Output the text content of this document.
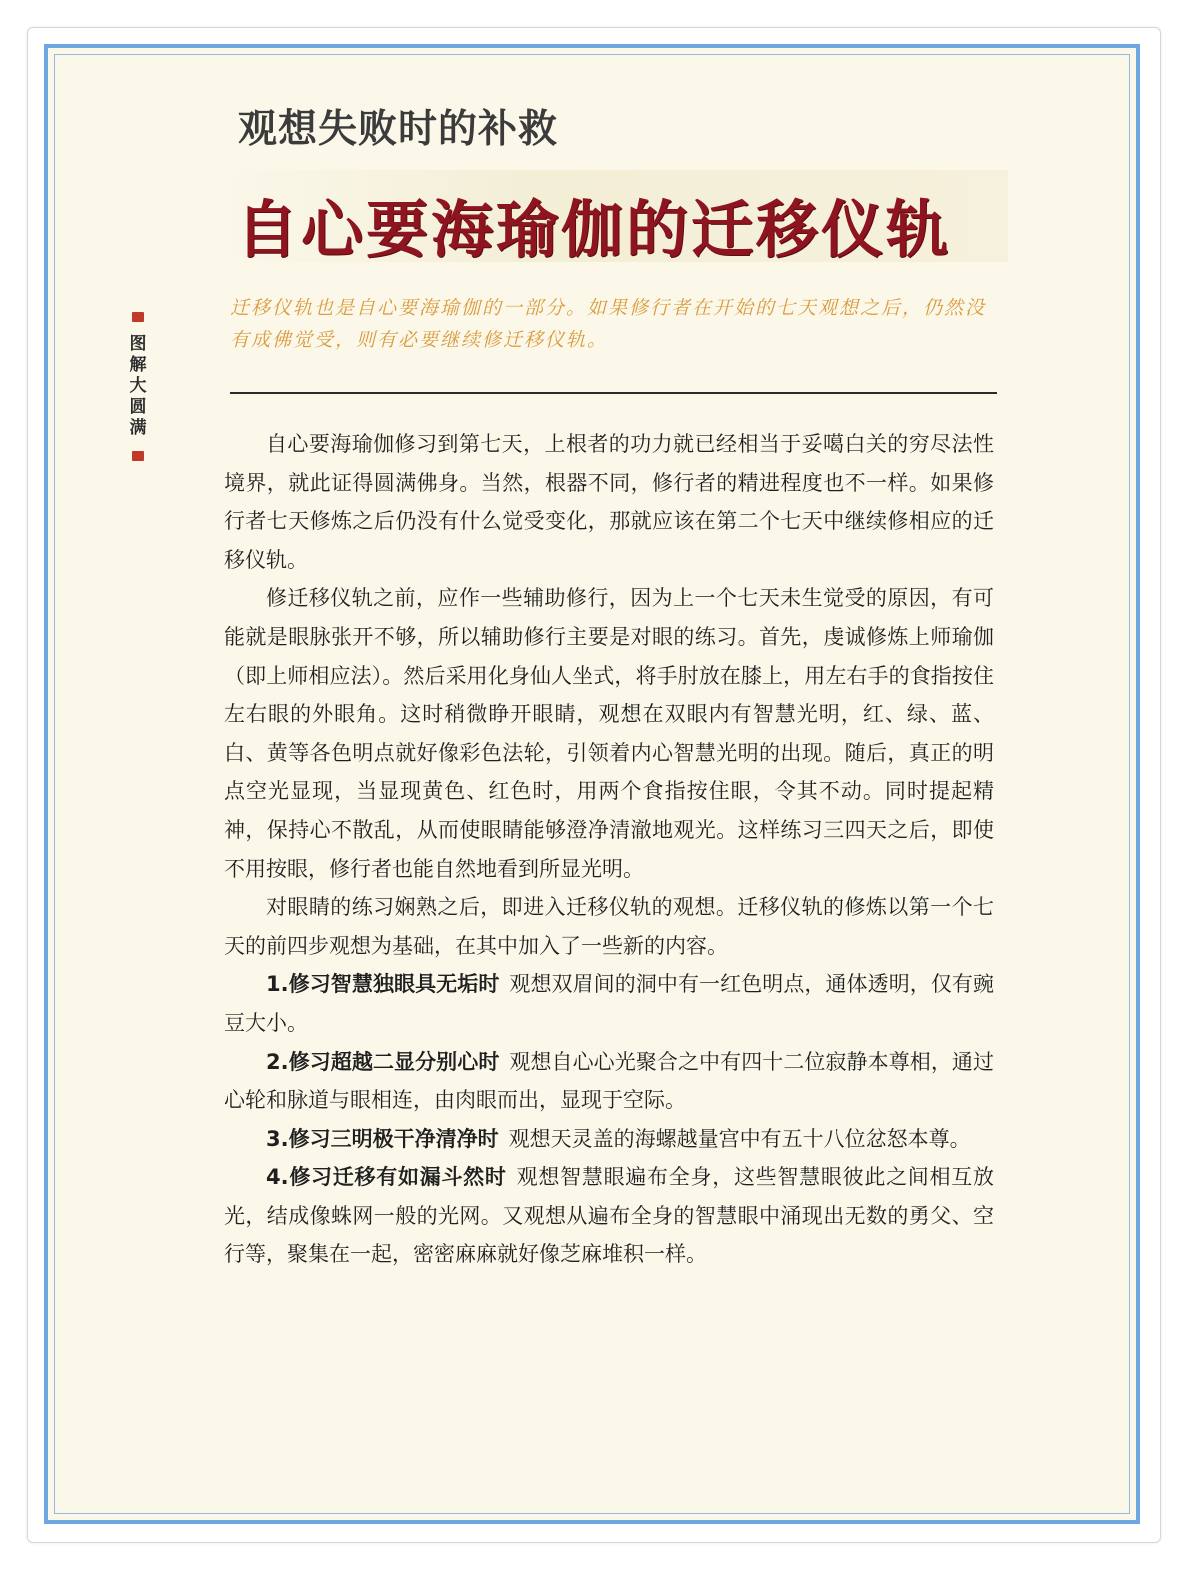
图解大圆满
观想失败时的补救
自心要海瑜伽的迁移仪轨

迁移仪轨也是自心要海瑜伽的一部分。如果修行者在开始的七天观想之后，仍然没有成佛觉受，则有必要继续修迁移仪轨。

自心要海瑜伽修习到第七天，上根者的功力就已经相当于妥噶白关的穷尽法性境界，就此证得圆满佛身。当然，根器不同，修行者的精进程度也不一样。如果修行者七天修炼之后仍没有什么觉受变化，那就应该在第二个七天中继续修相应的迁移仪轨。

修迁移仪轨之前，应作一些辅助修行，因为上一个七天未生觉受的原因，有可能就是眼脉张开不够，所以辅助修行主要是对眼的练习。首先，虔诚修炼上师瑜伽（即上师相应法）。然后采用化身仙人坐式，将手肘放在膝上，用左右手的食指按住左右眼的外眼角。这时稍微睁开眼睛，观想在双眼内有智慧光明，红、绿、蓝、白、黄等各色明点就好像彩色法轮，引领着内心智慧光明的出现。随后，真正的明点空光显现，当显现黄色、红色时，用两个食指按住眼，令其不动。同时提起精神，保持心不散乱，从而使眼睛能够澄净清澈地观光。这样练习三四天之后，即使不用按眼，修行者也能自然地看到所显光明。

对眼睛的练习娴熟之后，即进入迁移仪轨的观想。迁移仪轨的修炼以第一个七天的前四步观想为基础，在其中加入了一些新的内容。

1.修习智慧独眼具无垢时 观想双眉间的洞中有一红色明点，通体透明，仅有豌豆大小。

2.修习超越二显分别心时 观想自心心光聚合之中有四十二位寂静本尊相，通过心轮和脉道与眼相连，由肉眼而出，显现于空际。

3.修习三明极干净清净时 观想天灵盖的海螺越量宫中有五十八位忿怒本尊。

4.修习迁移有如漏斗然时 观想智慧眼遍布全身，这些智慧眼彼此之间相互放光，结成像蛛网一般的光网。又观想从遍布全身的智慧眼中涌现出无数的勇父、空行等，聚集在一起，密密麻麻就好像芝麻堆积一样。
